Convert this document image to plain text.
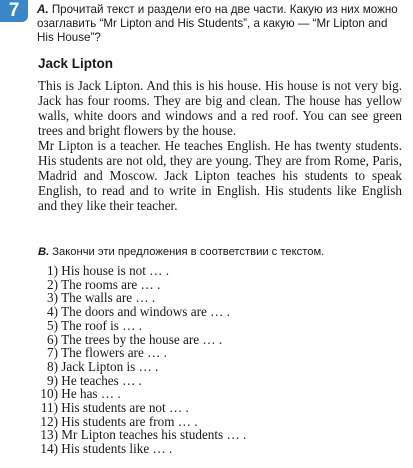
7	A. Прочитай текст и раздели его на две части. Какую из них можно озаглавить “Mr Lipton and His Students”, а какую — “Mr Lipton and His House”?
Jack Lipton

This is Jack Lipton. And this is his house. His house is not very big. Jack has four rooms. They are big and clean. The house has yellow walls, white doors and windows and a red roof. You can see green trees and bright flowers by the house.

Mr Lipton is a teacher. He teaches English. He has twenty students. His students are not old, they are young. They are from Rome, Paris, Madrid and Moscow. Jack Lipton teaches his students to speak English, to read and to write in English. His students like English and they like their teacher.

B. Закончи эти предложения в соответствии с текстом.
1) His house is not … .
2) The rooms are … .
3) The walls are … .
4) The doors and windows are … .
5) The roof is … .
6) The trees by the house are … .
7) The flowers are … .
8) Jack Lipton is … .
9) He teaches … .
10) He has … .
11) His students are not … .
12) His students are from … .
13) Mr Lipton teaches his students … .
14) His students like … .
